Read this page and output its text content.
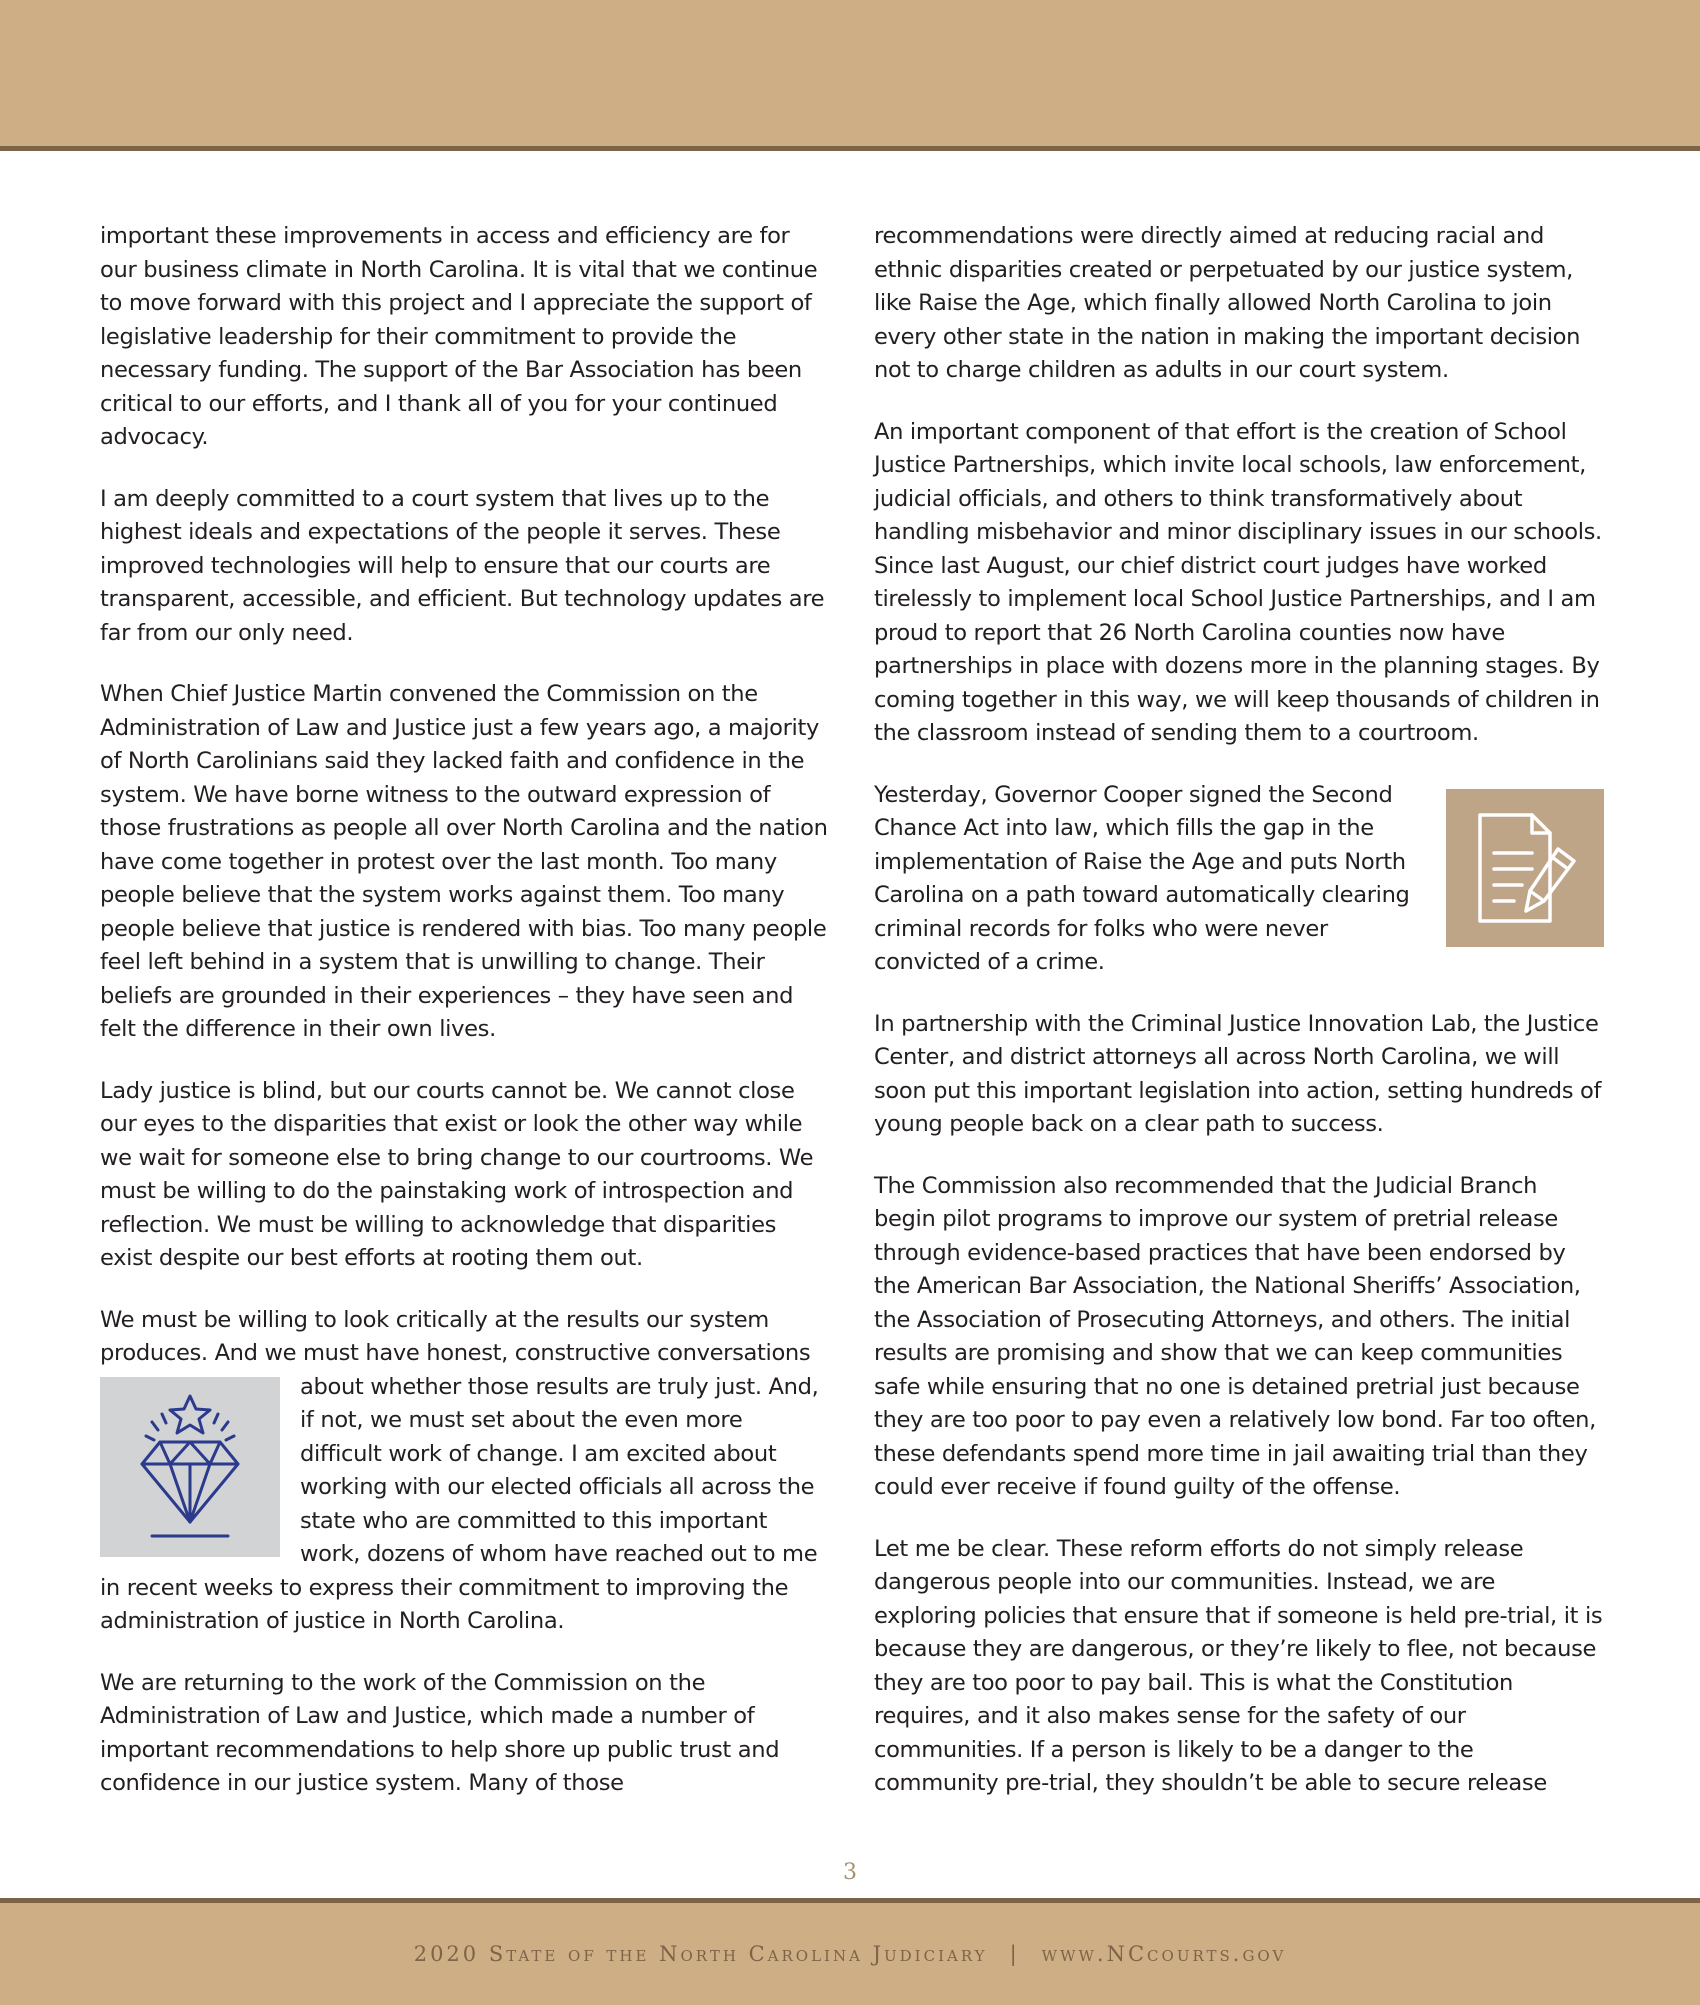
important these improvements in access and efficiency are for our business climate in North Carolina. It is vital that we continue to move forward with this project and I appreciate the support of legislative leadership for their commitment to provide the necessary funding. The support of the Bar Association has been critical to our efforts, and I thank all of you for your continued advocacy.

I am deeply committed to a court system that lives up to the highest ideals and expectations of the people it serves. These improved technologies will help to ensure that our courts are transparent, accessible, and efficient. But technology updates are far from our only need.

When Chief Justice Martin convened the Commission on the Administration of Law and Justice just a few years ago, a majority of North Carolinians said they lacked faith and confidence in the system. We have borne witness to the outward expression of those frustrations as people all over North Carolina and the nation have come together in protest over the last month. Too many people believe that the system works against them. Too many people believe that justice is rendered with bias. Too many people feel left behind in a system that is unwilling to change. Their beliefs are grounded in their experiences – they have seen and felt the difference in their own lives.

Lady justice is blind, but our courts cannot be. We cannot close our eyes to the disparities that exist or look the other way while we wait for someone else to bring change to our courtrooms. We must be willing to do the painstaking work of introspection and reflection. We must be willing to acknowledge that disparities exist despite our best efforts at rooting them out.

We must be willing to look critically at the results our system produces. And we must have honest, constructive conversations

about whether those results are truly just. And, if not, we must set about the even more difficult work of change. I am excited about working with our elected officials all across the state who are committed to this important work, dozens of whom have reached out to me in recent weeks to express their commitment to improving the administration of justice in North Carolina.

We are returning to the work of the Commission on the Administration of Law and Justice, which made a number of important recommendations to help shore up public trust and confidence in our justice system. Many of those

recommendations were directly aimed at reducing racial and ethnic disparities created or perpetuated by our justice system, like Raise the Age, which finally allowed North Carolina to join every other state in the nation in making the important decision not to charge children as adults in our court system.

An important component of that effort is the creation of School Justice Partnerships, which invite local schools, law enforcement, judicial officials, and others to think transformatively about handling misbehavior and minor disciplinary issues in our schools. Since last August, our chief district court judges have worked tirelessly to implement local School Justice Partnerships, and I am proud to report that 26 North Carolina counties now have partnerships in place with dozens more in the planning stages. By coming together in this way, we will keep thousands of children in the classroom instead of sending them to a courtroom.

Yesterday, Governor Cooper signed the Second Chance Act into law, which fills the gap in the implementation of Raise the Age and puts North Carolina on a path toward automatically clearing criminal records for folks who were never convicted of a crime.

In partnership with the Criminal Justice Innovation Lab, the Justice Center, and district attorneys all across North Carolina, we will soon put this important legislation into action, setting hundreds of young people back on a clear path to success.

The Commission also recommended that the Judicial Branch begin pilot programs to improve our system of pretrial release through evidence-based practices that have been endorsed by the American Bar Association, the National Sheriffs’ Association, the Association of Prosecuting Attorneys, and others. The initial results are promising and show that we can keep communities safe while ensuring that no one is detained pretrial just because they are too poor to pay even a relatively low bond. Far too often, these defendants spend more time in jail awaiting trial than they could ever receive if found guilty of the offense.

Let me be clear. These reform efforts do not simply release dangerous people into our communities. Instead, we are exploring policies that ensure that if someone is held pre-trial, it is because they are dangerous, or they’re likely to flee, not because they are too poor to pay bail. This is what the Constitution requires, and it also makes sense for the safety of our communities. If a person is likely to be a danger to the community pre-trial, they shouldn’t be able to secure release

3
2020 State of the North Carolina Judiciary | www.NCcourts.gov
